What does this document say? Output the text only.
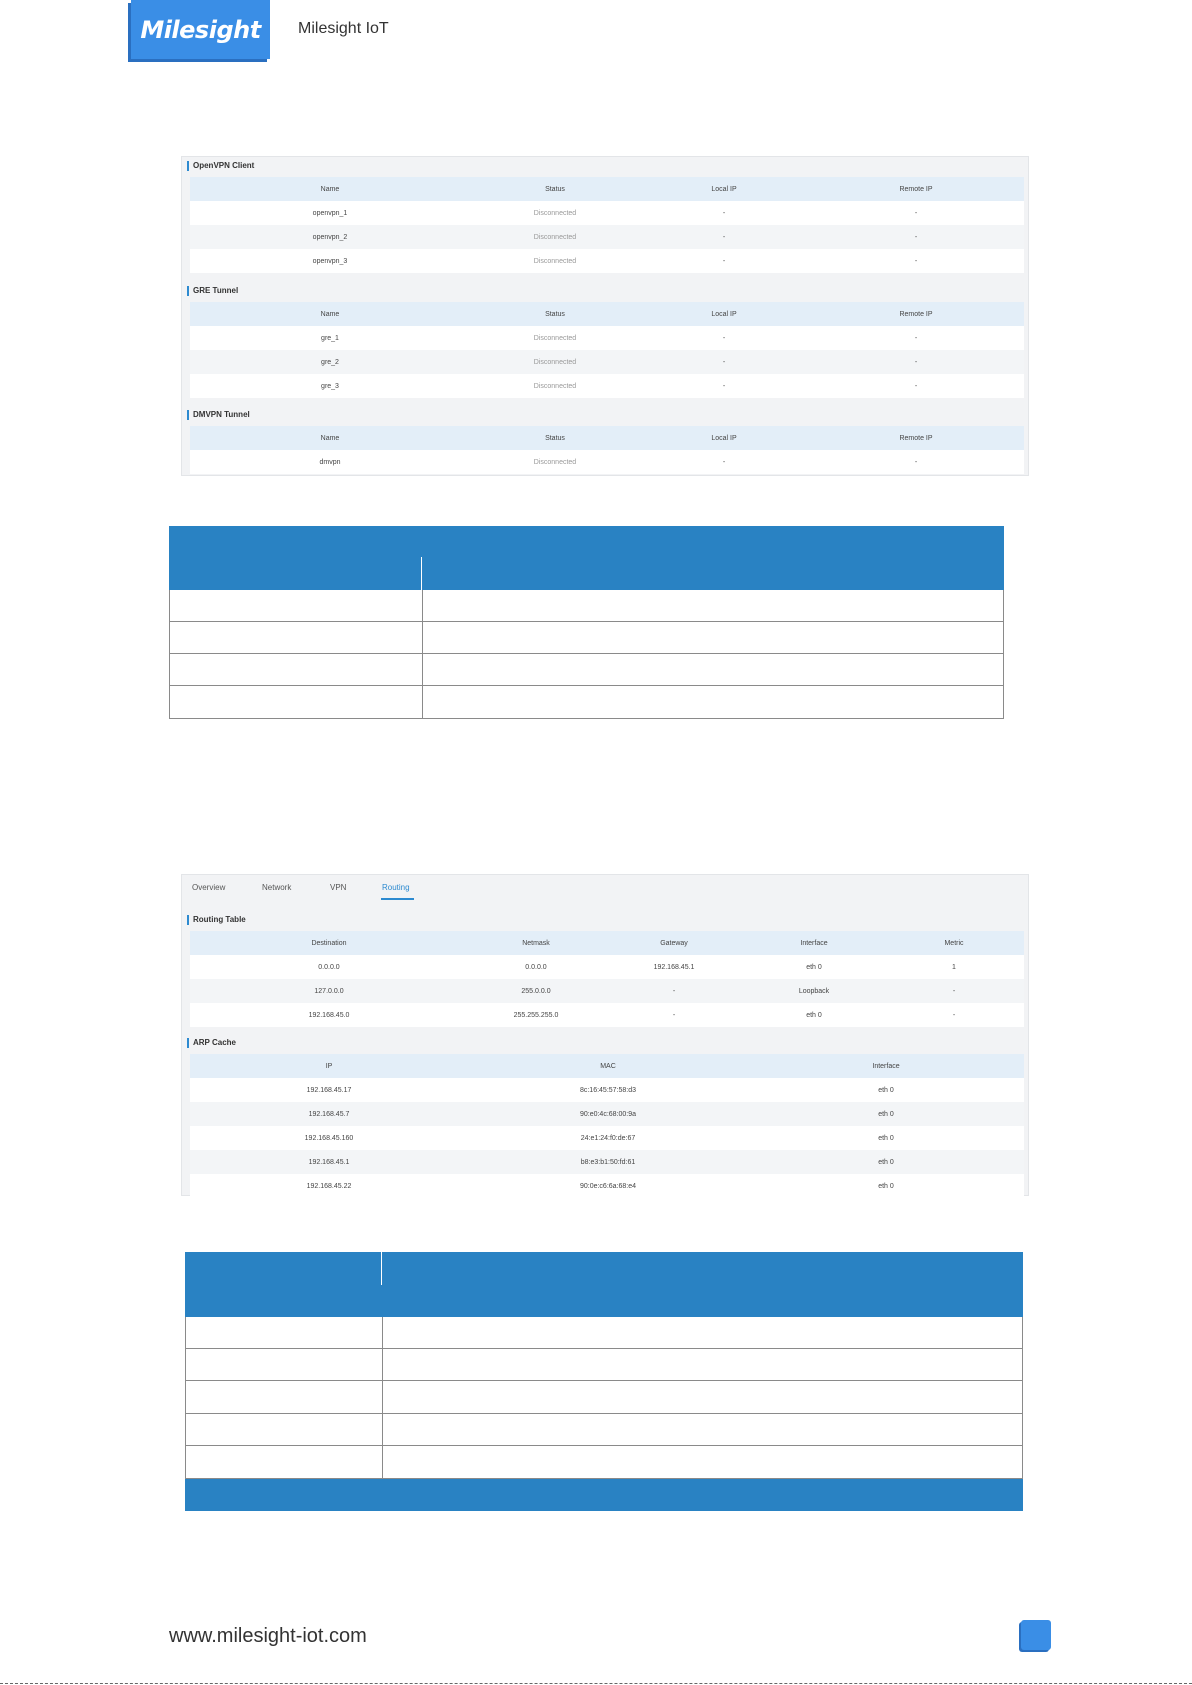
Milesight Milesight IoT
OpenVPN Client
Name	Status	Local IP	Remote IP
openvpn_1	Disconnected	-	-
openvpn_2	Disconnected	-	-
openvpn_3	Disconnected	-	-
GRE Tunnel
Name	Status	Local IP	Remote IP
gre_1	Disconnected	-	-
gre_2	Disconnected	-	-
gre_3	Disconnected	-	-
DMVPN Tunnel
Name	Status	Local IP	Remote IP
dmvpn	Disconnected	-	-
Overview	Network	VPN	Routing
Routing Table
Destination	Netmask	Gateway	Interface	Metric
0.0.0.0	0.0.0.0	192.168.45.1	eth 0	1
127.0.0.0	255.0.0.0	-	Loopback	-
192.168.45.0	255.255.255.0	-	eth 0	-
ARP Cache
IP	MAC	Interface
192.168.45.17	8c:16:45:57:58:d3	eth 0
192.168.45.7	90:e0:4c:68:00:9a	eth 0
192.168.45.160	24:e1:24:f0:de:67	eth 0
192.168.45.1	b8:e3:b1:50:fd:61	eth 0
192.168.45.22	90:0e:c6:6a:68:e4	eth 0
www.milesight-iot.com
